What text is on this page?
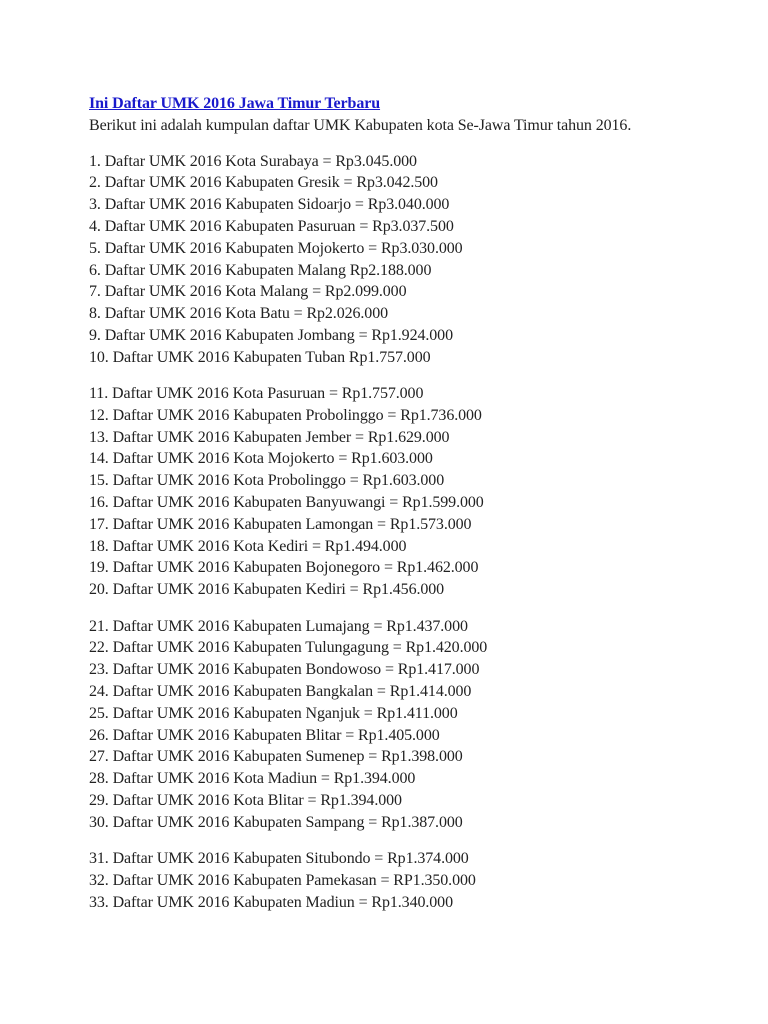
Ini Daftar UMK 2016 Jawa Timur Terbaru
Berikut ini adalah kumpulan daftar UMK Kabupaten kota Se-Jawa Timur tahun 2016.
1. Daftar UMK 2016 Kota Surabaya = Rp3.045.000
2. Daftar UMK 2016 Kabupaten Gresik = Rp3.042.500
3. Daftar UMK 2016 Kabupaten Sidoarjo = Rp3.040.000
4. Daftar UMK 2016 Kabupaten Pasuruan = Rp3.037.500
5. Daftar UMK 2016 Kabupaten Mojokerto = Rp3.030.000
6. Daftar UMK 2016 Kabupaten Malang Rp2.188.000
7. Daftar UMK 2016 Kota Malang = Rp2.099.000
8. Daftar UMK 2016 Kota Batu = Rp2.026.000
9. Daftar UMK 2016 Kabupaten Jombang = Rp1.924.000
10. Daftar UMK 2016 Kabupaten Tuban Rp1.757.000
11. Daftar UMK 2016 Kota Pasuruan = Rp1.757.000
12. Daftar UMK 2016 Kabupaten Probolinggo = Rp1.736.000
13. Daftar UMK 2016 Kabupaten Jember = Rp1.629.000
14. Daftar UMK 2016 Kota Mojokerto = Rp1.603.000
15. Daftar UMK 2016 Kota Probolinggo = Rp1.603.000
16. Daftar UMK 2016 Kabupaten Banyuwangi = Rp1.599.000
17. Daftar UMK 2016 Kabupaten Lamongan = Rp1.573.000
18. Daftar UMK 2016 Kota Kediri = Rp1.494.000
19. Daftar UMK 2016 Kabupaten Bojonegoro = Rp1.462.000
20. Daftar UMK 2016 Kabupaten Kediri = Rp1.456.000
21. Daftar UMK 2016 Kabupaten Lumajang = Rp1.437.000
22. Daftar UMK 2016 Kabupaten Tulungagung = Rp1.420.000
23. Daftar UMK 2016 Kabupaten Bondowoso = Rp1.417.000
24. Daftar UMK 2016 Kabupaten Bangkalan = Rp1.414.000
25. Daftar UMK 2016 Kabupaten Nganjuk = Rp1.411.000
26. Daftar UMK 2016 Kabupaten Blitar = Rp1.405.000
27. Daftar UMK 2016 Kabupaten Sumenep = Rp1.398.000
28. Daftar UMK 2016 Kota Madiun = Rp1.394.000
29. Daftar UMK 2016 Kota Blitar = Rp1.394.000
30. Daftar UMK 2016 Kabupaten Sampang = Rp1.387.000
31. Daftar UMK 2016 Kabupaten Situbondo = Rp1.374.000
32. Daftar UMK 2016 Kabupaten Pamekasan = RP1.350.000
33. Daftar UMK 2016 Kabupaten Madiun = Rp1.340.000
